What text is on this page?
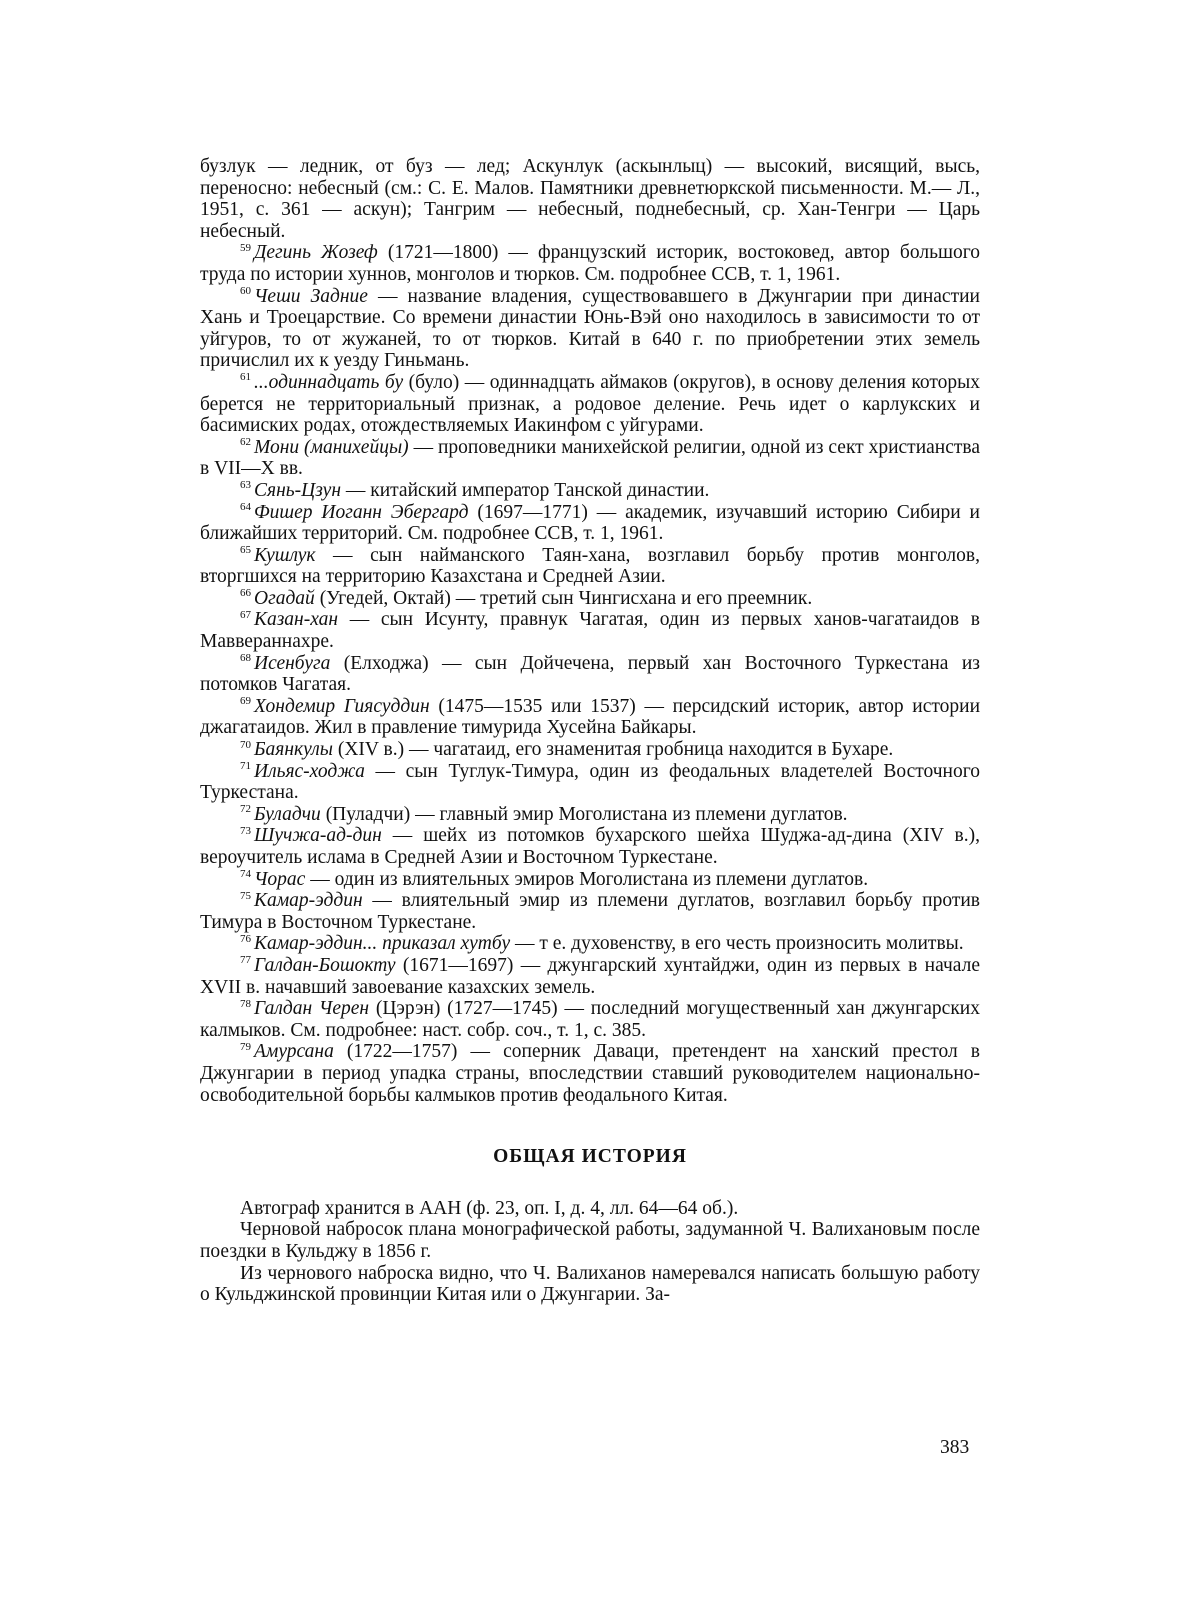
бузлук — ледник, от буз — лед; Аскунлук (аскынлыц) — высокий, висящий, высь, переносно: небесный (см.: С. Е. Малов. Памятники древнетюркской письменности. М.— Л., 1951, с. 361 — аскун); Тангрим — небесный, поднебесный, ср. Хан-Тенгри — Царь небесный.

$^{59}$ Дегинь Жозеф (1721—1800) — французский историк, востоковед, автор большого труда по истории хуннов, монголов и тюрков. См. подробнее ССВ, т. 1, 1961.

$^{60}$ Чеши Задние — название владения, существовавшего в Джунгарии при династии Хань и Троецарствие. Со времени династии Юнь-Вэй оно находилось в зависимости то от уйгуров, то от жужаней, то от тюрков. Китай в 640 г. по приобретении этих земель причислил их к уезду Гиньмань.

$^{61}$ ...одиннадцать бу (було) — одиннадцать аймаков (округов), в основу деления которых берется не территориальный признак, а родовое деление. Речь идет о карлукских и басимиских родах, отождествляемых Иакинфом с уйгурами.

$^{62}$ Мони (манихейцы) — проповедники манихейской религии, одной из сект христианства в VII—X вв.

$^{63}$ Сянь-Цзун — китайский император Танской династии.

$^{64}$ Фишер Иоганн Эбергард (1697—1771) — академик, изучавший историю Сибири и ближайших территорий. См. подробнее ССВ, т. 1, 1961.

$^{65}$ Кушлук — сын найманского Таян-хана, возглавил борьбу против монголов, вторгшихся на территорию Казахстана и Средней Азии.

$^{66}$ Огадай (Угедей, Октай) — третий сын Чингисхана и его преемник.

$^{67}$ Казан-хан — сын Исунту, правнук Чагатая, один из первых ханов-чагатаидов в Маввераннахре.

$^{68}$ Исенбуга (Елходжа) — сын Дойчечена, первый хан Восточного Туркестана из потомков Чагатая.

$^{69}$ Хондемир Гиясуддин (1475—1535 или 1537) — персидский историк, автор истории джагатаидов. Жил в правление тимурида Хусейна Байкары.

$^{70}$ Баянкулы (XIV в.) — чагатаид, его знаменитая гробница находится в Бухаре.

$^{71}$ Ильяс-ходжа — сын Туглук-Тимура, один из феодальных владетелей Восточного Туркестана.

$^{72}$ Буладчи (Пуладчи) — главный эмир Моголистана из племени дуглатов.

$^{73}$ Шучжа-ад-дин — шейх из потомков бухарского шейха Шуджа-ад-дина (XIV в.), вероучитель ислама в Средней Азии и Восточном Туркестане.

$^{74}$ Чорас — один из влиятельных эмиров Моголистана из племени дуглатов.

$^{75}$ Камар-эддин — влиятельный эмир из племени дуглатов, возглавил борьбу против Тимура в Восточном Туркестане.

$^{76}$ Камар-эддин... приказал хутбу — т е. духовенству, в его честь произносить молитвы.

$^{77}$ Галдан-Бошокту (1671—1697) — джунгарский хунтайджи, один из первых в начале XVII в. начавший завоевание казахских земель.

$^{78}$ Галдан Черен (Цэрэн) (1727—1745) — последний могущественный хан джунгарских калмыков. См. подробнее: наст. собр. соч., т. 1, с. 385.

$^{79}$ Амурсана (1722—1757) — соперник Даваци, претендент на ханский престол в Джунгарии в период упадка страны, впоследствии ставший руководителем национально-освободительной борьбы калмыков против феодального Китая.

ОБЩАЯ ИСТОРИЯ

Автограф хранится в ААН (ф. 23, оп. I, д. 4, лл. 64—64 об.).

Черновой набросок плана монографической работы, задуманной Ч. Валихановым после поездки в Кульджу в 1856 г.

Из чернового наброска видно, что Ч. Валиханов намеревался написать большую работу о Кульджинской провинции Китая или о Джунгарии. За-

383
